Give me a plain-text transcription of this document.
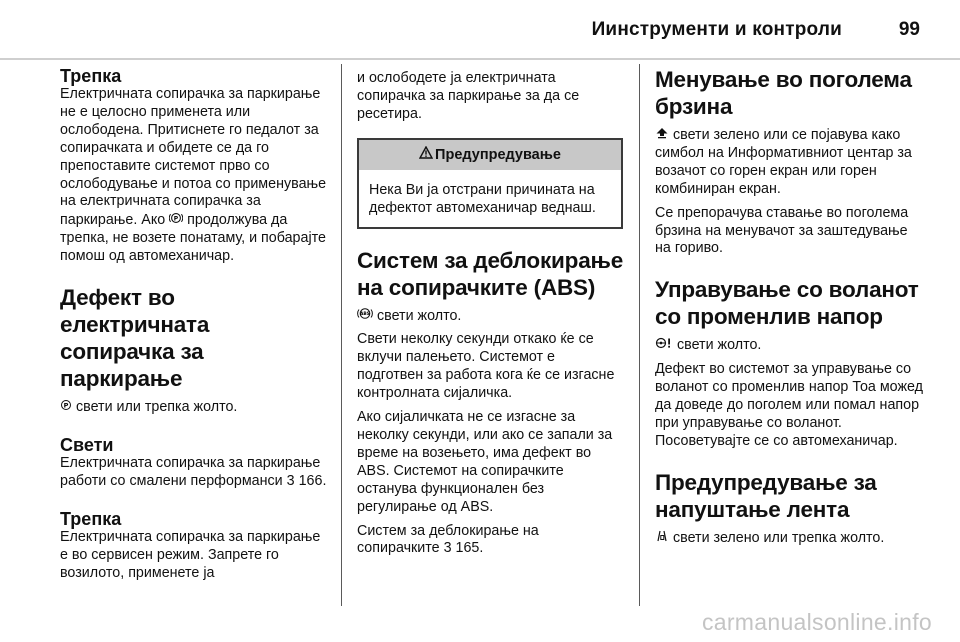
Иинструменти и контроли	99

Трепка

Електричната сопирачка за паркирање не е целосно применета или ослободена. Притиснете го педалот за сопирачката и обидете се да го препоставите системот прво со ослободување и потоа со применување на електричната сопирачка за паркирање. Ако P продолжува да трепка, не возете понатаму, и побарајте помош од автомеханичар.

Дефект во електричната сопирачка за паркирање

P свети или трепка жолто.

Свети

Електричната сопирачка за паркирање работи со смалени перформанси 3 166.

Трепка

Електричната сопирачка за паркирање е во сервисен режим. Запрете го возилото, применете ја

и ослободете ја електричната сопирачка за паркирање за да се ресетира.

Предупредување

Нека Ви ја отстрани причината на дефектот автомеханичар веднаш.

Систем за деблокирање на сопирачките (ABS)

ABS свети жолто.

Свети неколку секунди откако ќе се вклучи палењето. Системот е подготвен за работа кога ќе се изгасне контролната сијаличка.

Ако сијаличката не се изгасне за неколку секунди, или ако се запали за време на возењето, има дефект во ABS. Системот на сопирачките останува функционален без регулирање од ABS.

Систем за деблокирање на сопирачките 3 165.

Менување во поголема брзина

свети зелено или се појавува како симбол на Информативниот центар за возачот со горен екран или горен комбиниран екран.

Се препорачува ставање во поголема брзина на менувачот за заштедување на гориво.

Управување со воланот со променлив напор

свети жолто.

Дефект во системот за управување со воланот со променлив напор Тоа можед да доведе до поголем или помал напор при управување со воланот. Посоветувајте се со автомеханичар.

Предупредување за напуштање лента

свети зелено или трепка жолто.

carmanualsonline.info
